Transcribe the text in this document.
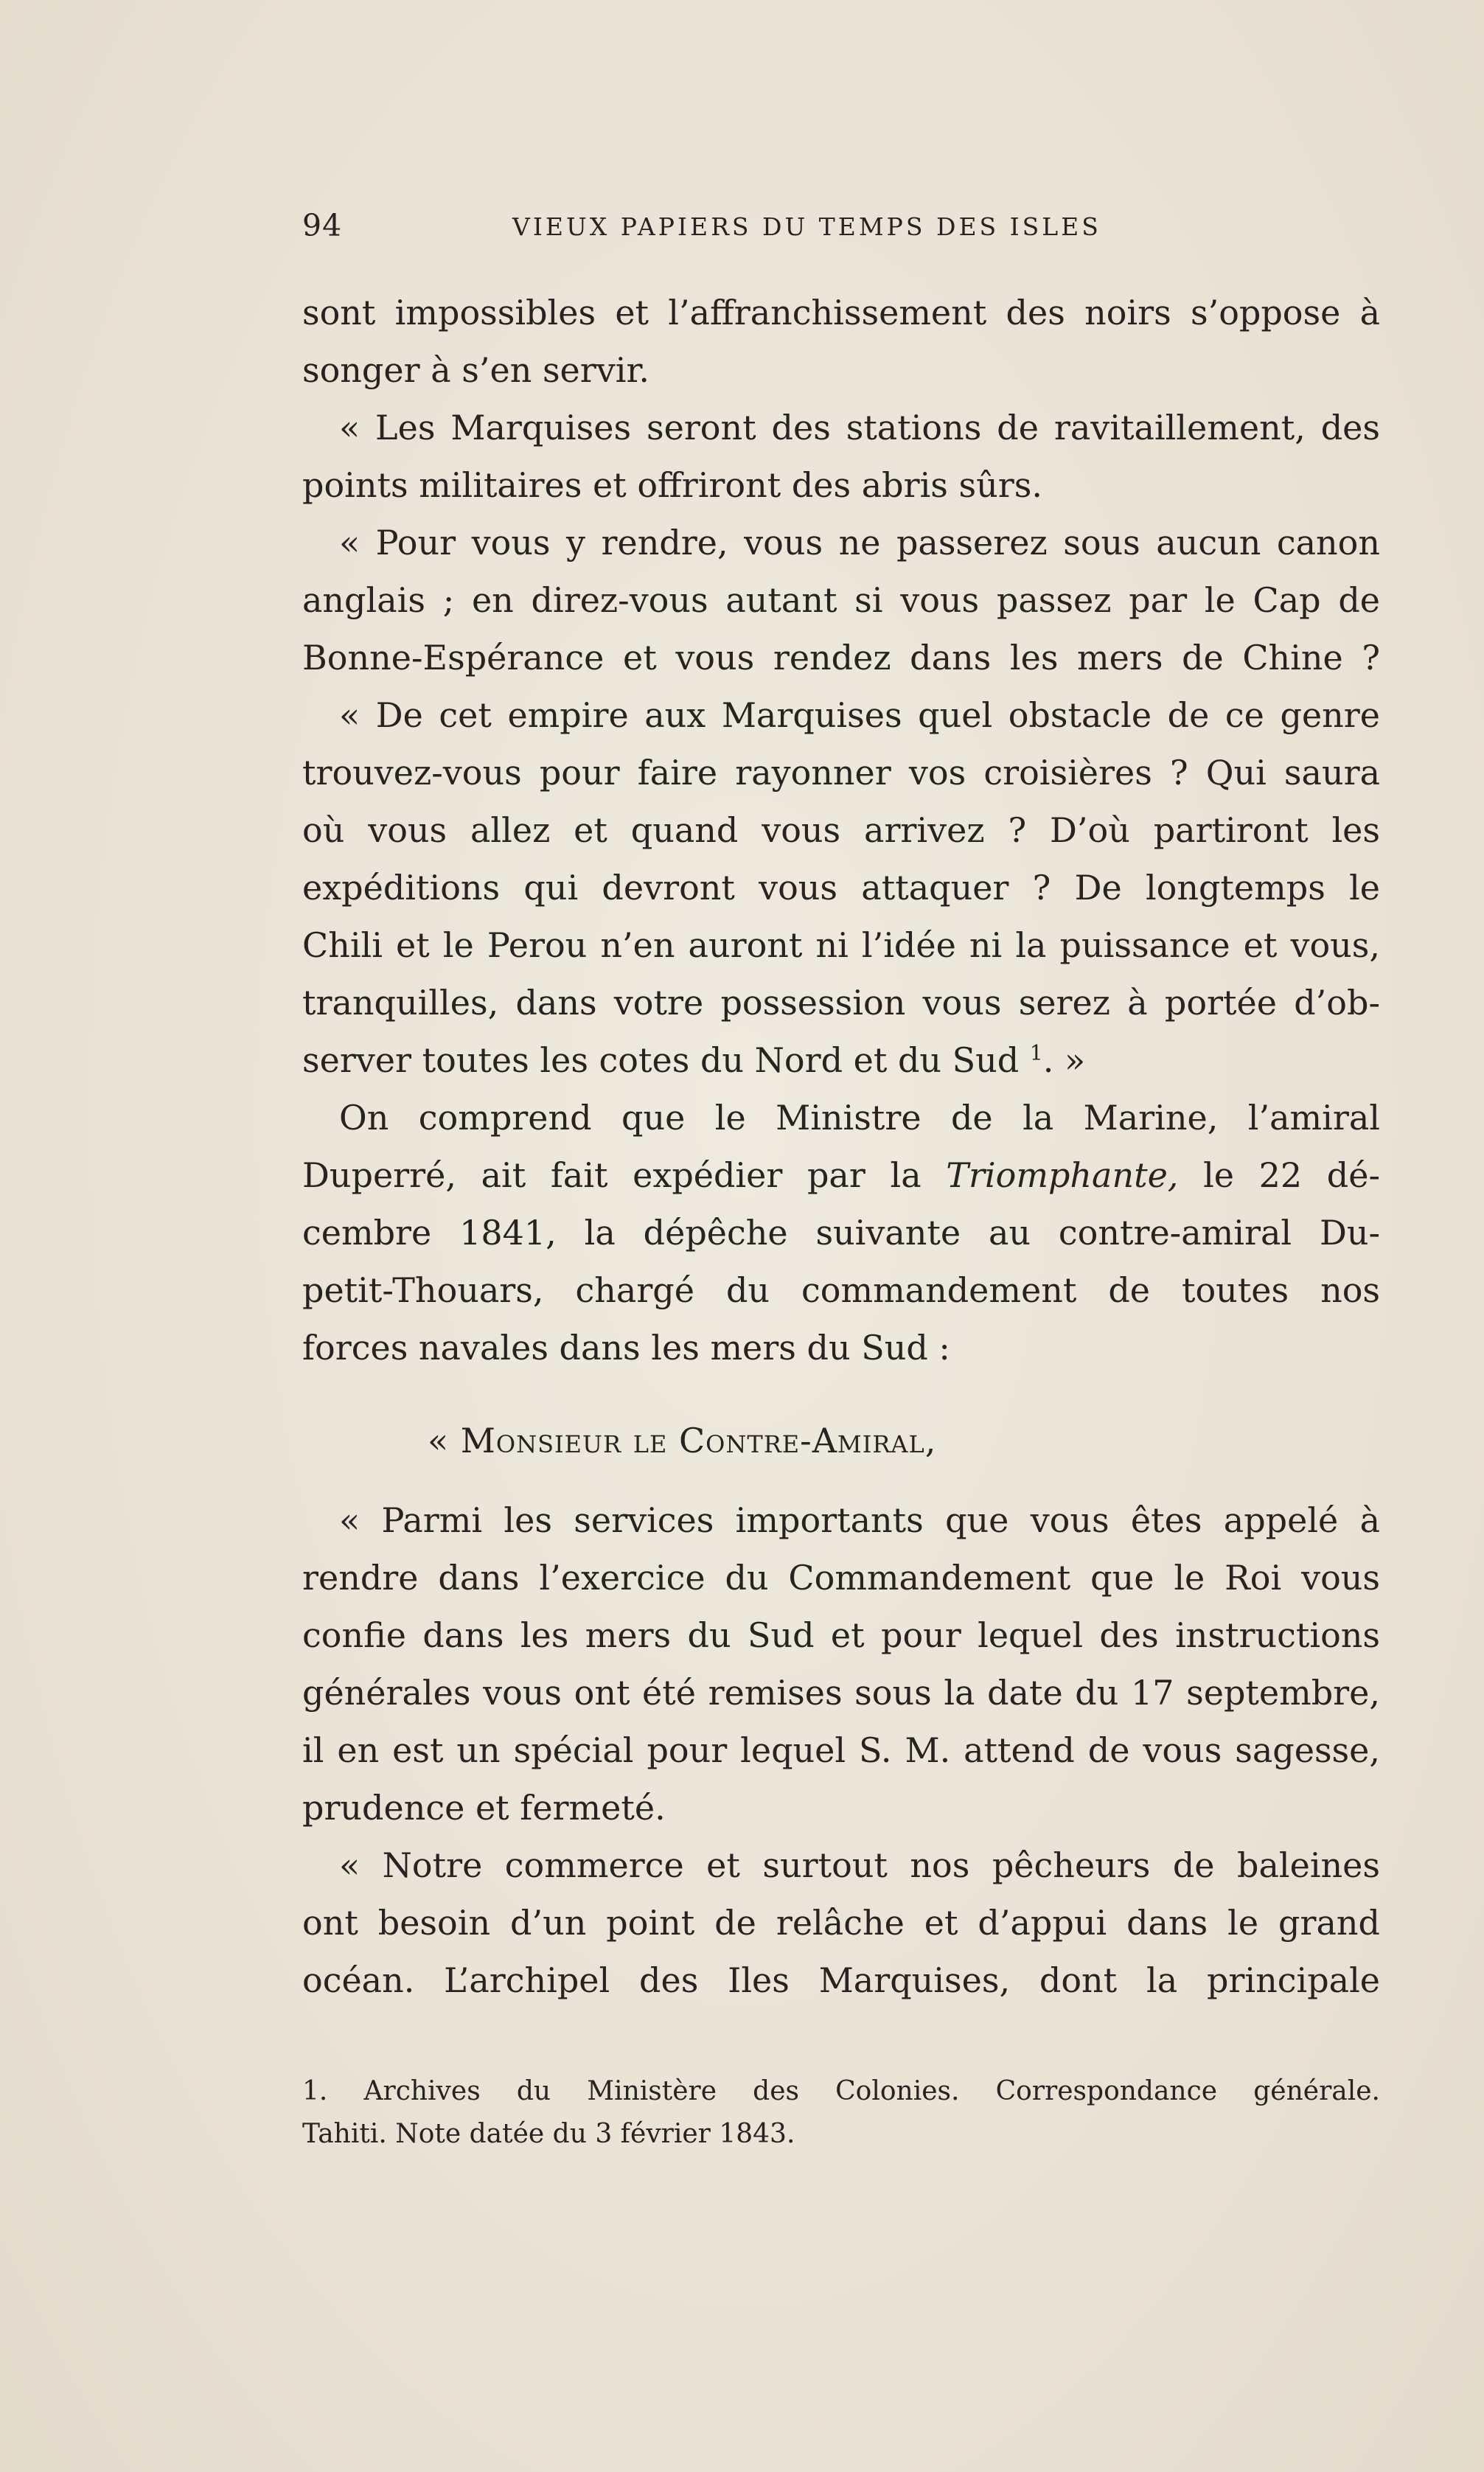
94	VIEUX PAPIERS DU TEMPS DES ISLES
sont impossibles et l’affranchissement des noirs s’oppose à
songer à s’en servir.
« Les Marquises seront des stations de ravitaillement, des
points militaires et offriront des abris sûrs.
« Pour vous y rendre, vous ne passerez sous aucun canon
anglais ; en direz-vous autant si vous passez par le Cap de
Bonne-Espérance et vous rendez dans les mers de Chine ?
« De cet empire aux Marquises quel obstacle de ce genre
trouvez-vous pour faire rayonner vos croisières ? Qui saura
où vous allez et quand vous arrivez ? D’où partiront les
expéditions qui devront vous attaquer ? De longtemps le
Chili et le Perou n’en auront ni l’idée ni la puissance et vous,
tranquilles, dans votre possession vous serez à portée d’ob-
server toutes les cotes du Nord et du Sud $^1$. »
On comprend que le Ministre de la Marine, l’amiral
Duperré, ait fait expédier par la Triomphante, le 22 dé-
cembre 1841, la dépêche suivante au contre-amiral Du-
petit-Thouars, chargé du commandement de toutes nos
forces navales dans les mers du Sud :
« Monsieur le Contre-Amiral,
« Parmi les services importants que vous êtes appelé à
rendre dans l’exercice du Commandement que le Roi vous
confie dans les mers du Sud et pour lequel des instructions
générales vous ont été remises sous la date du 17 septembre,
il en est un spécial pour lequel S. M. attend de vous sagesse,
prudence et fermeté.
« Notre commerce et surtout nos pêcheurs de baleines
ont besoin d’un point de relâche et d’appui dans le grand
océan. L’archipel des Iles Marquises, dont la principale
1. Archives du Ministère des Colonies. Correspondance générale.
Tahiti. Note datée du 3 février 1843.
